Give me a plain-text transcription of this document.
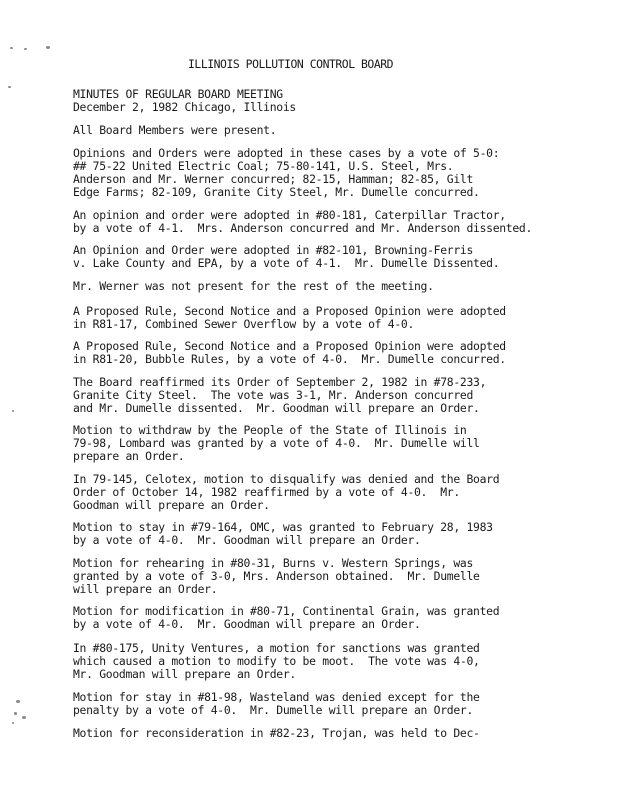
ILLINOIS POLLUTION CONTROL BOARD
MINUTES OF REGULAR BOARD MEETING
December 2, 1982 Chicago, Illinois
All Board Members were present.
Opinions and Orders were adopted in these cases by a vote of 5-0:
## 75-22 United Electric Coal; 75-80-141, U.S. Steel, Mrs.
Anderson and Mr. Werner concurred; 82-15, Hamman; 82-85, Gilt
Edge Farms; 82-109, Granite City Steel, Mr. Dumelle concurred.
An opinion and order were adopted in #80-181, Caterpillar Tractor,
by a vote of 4-1.  Mrs. Anderson concurred and Mr. Anderson dissented.
An Opinion and Order were adopted in #82-101, Browning-Ferris
v. Lake County and EPA, by a vote of 4-1.  Mr. Dumelle Dissented.
Mr. Werner was not present for the rest of the meeting.
A Proposed Rule, Second Notice and a Proposed Opinion were adopted
in R81-17, Combined Sewer Overflow by a vote of 4-0.
A Proposed Rule, Second Notice and a Proposed Opinion were adopted
in R81-20, Bubble Rules, by a vote of 4-0.  Mr. Dumelle concurred.
The Board reaffirmed its Order of September 2, 1982 in #78-233,
Granite City Steel.  The vote was 3-1, Mr. Anderson concurred
and Mr. Dumelle dissented.  Mr. Goodman will prepare an Order.
Motion to withdraw by the People of the State of Illinois in
79-98, Lombard was granted by a vote of 4-0.  Mr. Dumelle will
prepare an Order.
In 79-145, Celotex, motion to disqualify was denied and the Board
Order of October 14, 1982 reaffirmed by a vote of 4-0.  Mr.
Goodman will prepare an Order.
Motion to stay in #79-164, OMC, was granted to February 28, 1983
by a vote of 4-0.  Mr. Goodman will prepare an Order.
Motion for rehearing in #80-31, Burns v. Western Springs, was
granted by a vote of 3-0, Mrs. Anderson obtained.  Mr. Dumelle
will prepare an Order.
Motion for modification in #80-71, Continental Grain, was granted
by a vote of 4-0.  Mr. Goodman will prepare an Order.
In #80-175, Unity Ventures, a motion for sanctions was granted
which caused a motion to modify to be moot.  The vote was 4-0,
Mr. Goodman will prepare an Order.
Motion for stay in #81-98, Wasteland was denied except for the
penalty by a vote of 4-0.  Mr. Dumelle will prepare an Order.
Motion for reconsideration in #82-23, Trojan, was held to Dec-
